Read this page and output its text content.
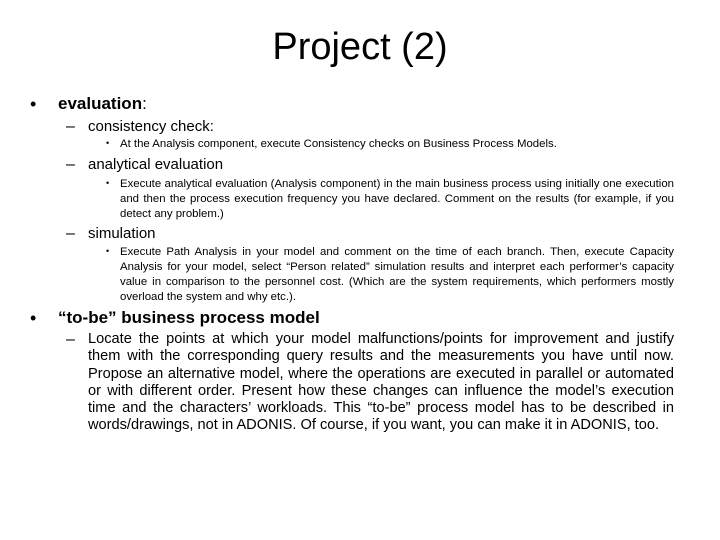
Project (2)
• evaluation:
– consistency check:
• At the Analysis component, execute Consistency checks on Business Process Models.
– analytical evaluation
• Execute analytical evaluation (Analysis component) in the main business process using initially one execution and then the process execution frequency you have declared. Comment on the results (for example, if you detect any problem.)
– simulation
• Execute Path Analysis in your model and comment on the time of each branch. Then, execute Capacity Analysis for your model, select “Person related” simulation results and interpret each performer’s capacity value in comparison to the personnel cost. (Which are the system requirements, which performers mostly overload the system and why etc.).
• “to-be” business process model
– Locate the points at which your model malfunctions/points for improvement and justify them with the corresponding query results and the measurements you have until now. Propose an alternative model, where the operations are executed in parallel or automated or with different order. Present how these changes can influence the model’s execution time and the characters’ workloads. This “to-be” process model has to be described in words/drawings, not in ADONIS. Of course, if you want, you can make it in ADONIS, too.
